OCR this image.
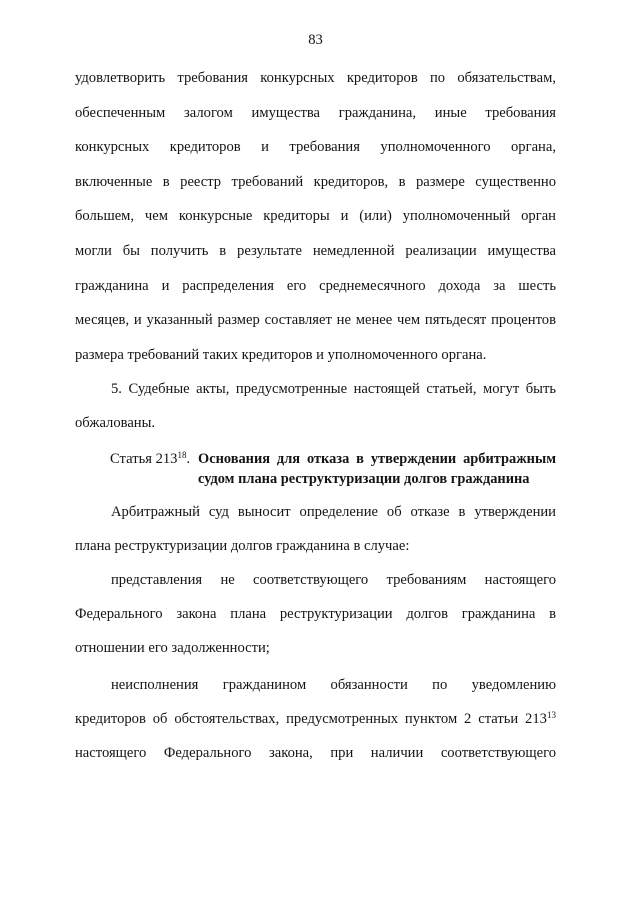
83
удовлетворить требования конкурсных кредиторов по обязательствам,
обеспеченным залогом имущества гражданина, иные требования
конкурсных кредиторов и требования уполномоченного органа,
включенные в реестр требований кредиторов, в размере существенно
большем, чем конкурсные кредиторы и (или) уполномоченный орган
могли бы получить в результате немедленной реализации имущества
гражданина и распределения его среднемесячного дохода за шесть
месяцев, и указанный размер составляет не менее чем пятьдесят процентов
размера требований таких кредиторов и уполномоченного органа.
5. Судебные акты, предусмотренные настоящей статьей, могут быть
обжалованы.
Статья $213^{18}$. Основания для отказа в утверждении арбитражным
судом плана реструктуризации долгов гражданина
Арбитражный суд выносит определение об отказе в утверждении
плана реструктуризации долгов гражданина в случае:
представления не соответствующего требованиям настоящего
Федерального закона плана реструктуризации долгов гражданина в
отношении его задолженности;
неисполнения гражданином обязанности по уведомлению
кредиторов об обстоятельствах, предусмотренных пунктом 2 статьи $213^{13}$
настоящего Федерального закона, при наличии соответствующего
